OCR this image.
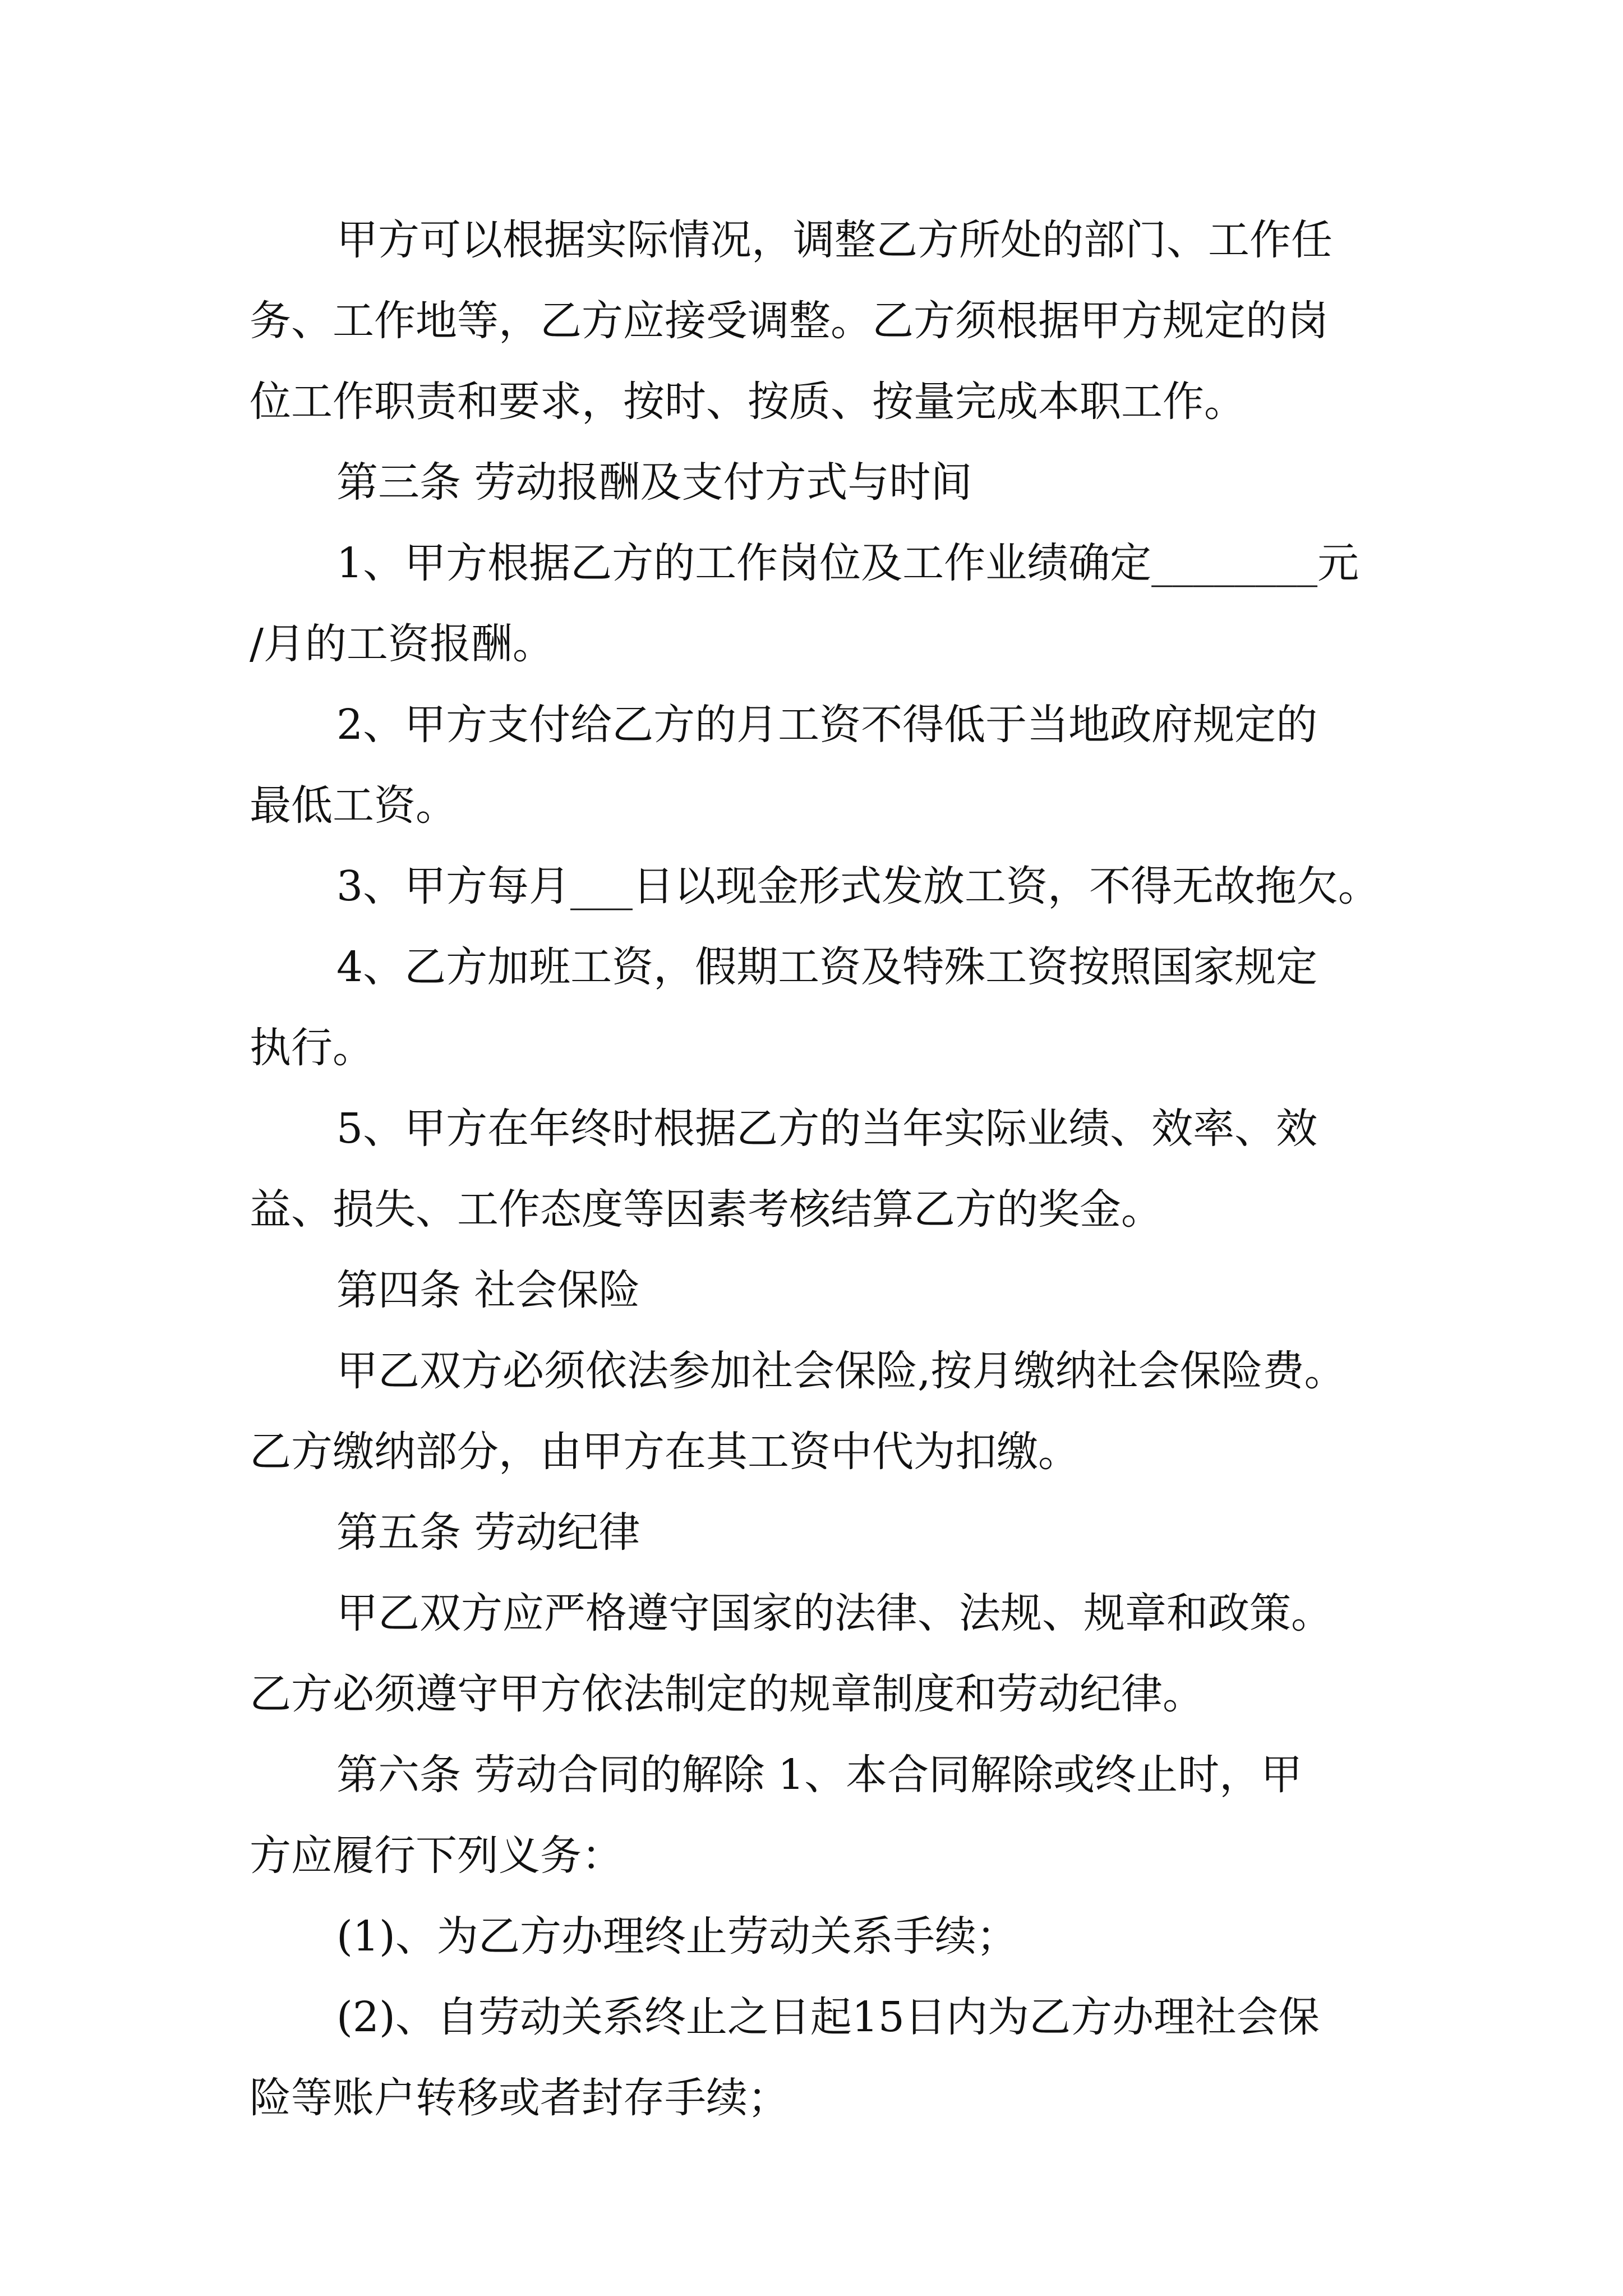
甲方可以根据实际情况，调整乙方所处的部门、工作任
务、工作地等，乙方应接受调整。乙方须根据甲方规定的岗
位工作职责和要求，按时、按质、按量完成本职工作。
第三条 劳动报酬及支付方式与时间
1、甲方根据乙方的工作岗位及工作业绩确定________元
/月的工资报酬。
2、甲方支付给乙方的月工资不得低于当地政府规定的
最低工资。
3、甲方每月___日以现金形式发放工资，不得无故拖欠。
4、乙方加班工资，假期工资及特殊工资按照国家规定
执行。
5、甲方在年终时根据乙方的当年实际业绩、效率、效
益、损失、工作态度等因素考核结算乙方的奖金。
第四条 社会保险
甲乙双方必须依法参加社会保险,按月缴纳社会保险费。
乙方缴纳部分，由甲方在其工资中代为扣缴。
第五条 劳动纪律
甲乙双方应严格遵守国家的法律、法规、规章和政策。
乙方必须遵守甲方依法制定的规章制度和劳动纪律。
第六条 劳动合同的解除 1、本合同解除或终止时，甲
方应履行下列义务：
(1)、为乙方办理终止劳动关系手续；
(2)、自劳动关系终止之日起15日内为乙方办理社会保
险等账户转移或者封存手续；
